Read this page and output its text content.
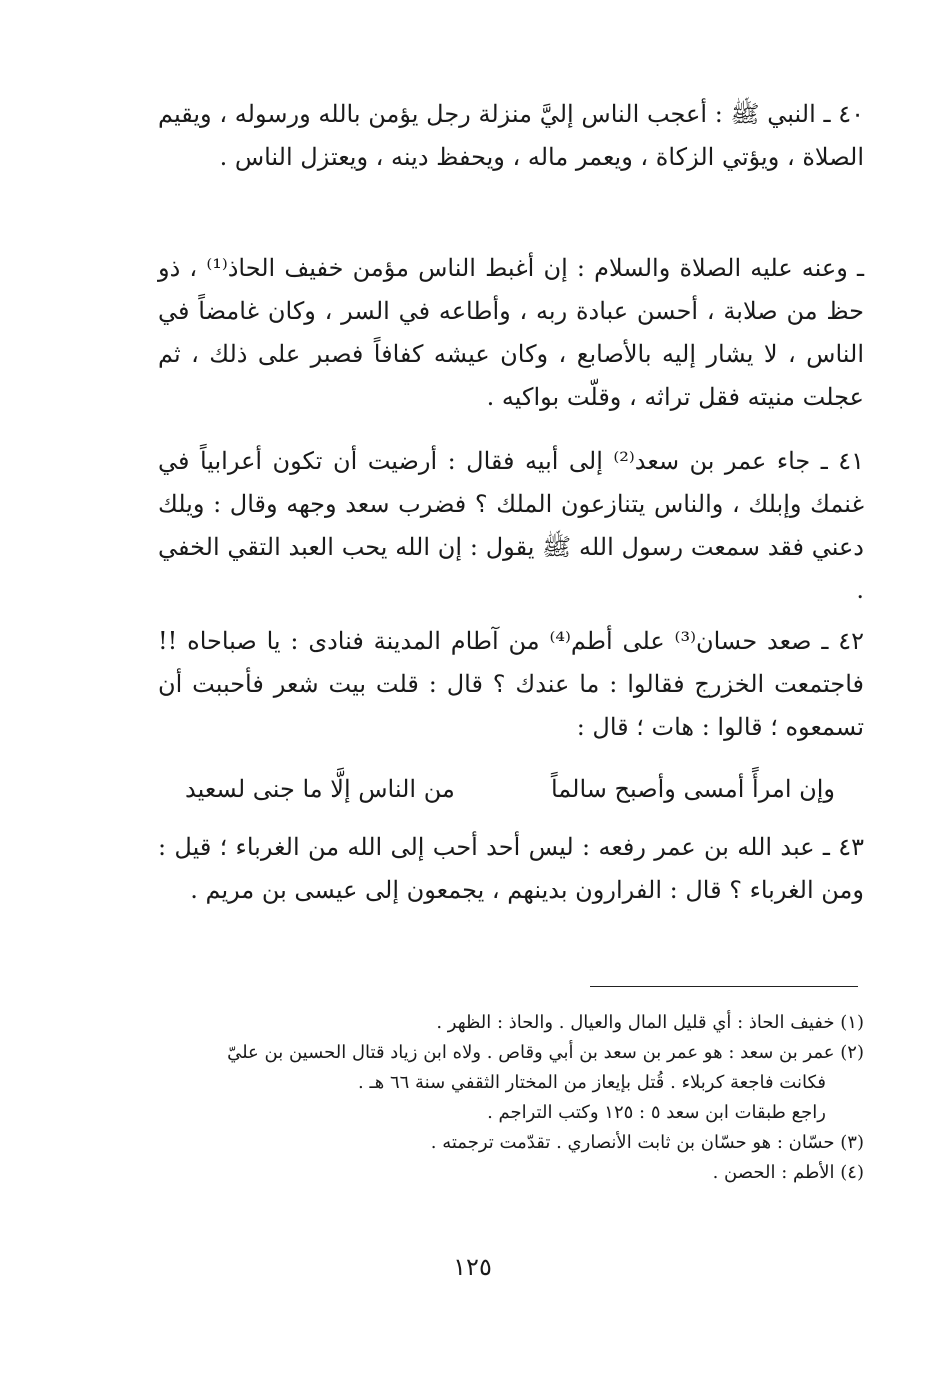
٤٠ ـ النبي ﷺ : أعجب الناس إليَّ منزلة رجل يؤمن بالله ورسوله ، ويقيم الصلاة ، ويؤتي الزكاة ، ويعمر ماله ، ويحفظ دينه ، ويعتزل الناس .

ـ وعنه عليه الصلاة والسلام : إن أغبط الناس مؤمن خفيف الحاذ⁽¹⁾ ، ذو حظ من صلابة ، أحسن عبادة ربه ، وأطاعه في السر ، وكان غامضاً في الناس ، لا يشار إليه بالأصابع ، وكان عيشه كفافاً فصبر على ذلك ، ثم عجلت منيته فقل تراثه ، وقلّت بواكيه .

٤١ ـ جاء عمر بن سعد⁽²⁾ إلى أبيه فقال : أرضيت أن تكون أعرابياً في غنمك وإبلك ، والناس يتنازعون الملك ؟ فضرب سعد وجهه وقال : ويلك دعني فقد سمعت رسول الله ﷺ يقول : إن الله يحب العبد التقي الخفي .

٤٢ ـ صعد حسان⁽³⁾ على أطم⁽⁴⁾ من آطام المدينة فنادى : يا صباحاه !! فاجتمعت الخزرج فقالوا : ما عندك ؟ قال : قلت بيت شعر فأحببت أن تسمعوه ؛ قالوا : هات ؛ قال :

وإن امرأً أمسى وأصبح سالماً
من الناس إلَّا ما جنى لسعيد

٤٣ ـ عبد الله بن عمر رفعه : ليس أحد أحب إلى الله من الغرباء ؛ قيل : ومن الغرباء ؟ قال : الفرارون بدينهم ، يجمعون إلى عيسى بن مريم .

(١) خفيف الحاذ : أي قليل المال والعيال . والحاذ : الظهر .

(٢) عمر بن سعد : هو عمر بن سعد بن أبي وقاص . ولاه ابن زياد قتال الحسين بن عليّ

فكانت فاجعة كربلاء . قُتل بإيعاز من المختار الثقفي سنة ٦٦ هـ .

راجع طبقات ابن سعد ٥ : ١٢٥ وكتب التراجم .

(٣) حسّان : هو حسّان بن ثابت الأنصاري . تقدّمت ترجمته .

(٤) الأطم : الحصن .

١٢٥
